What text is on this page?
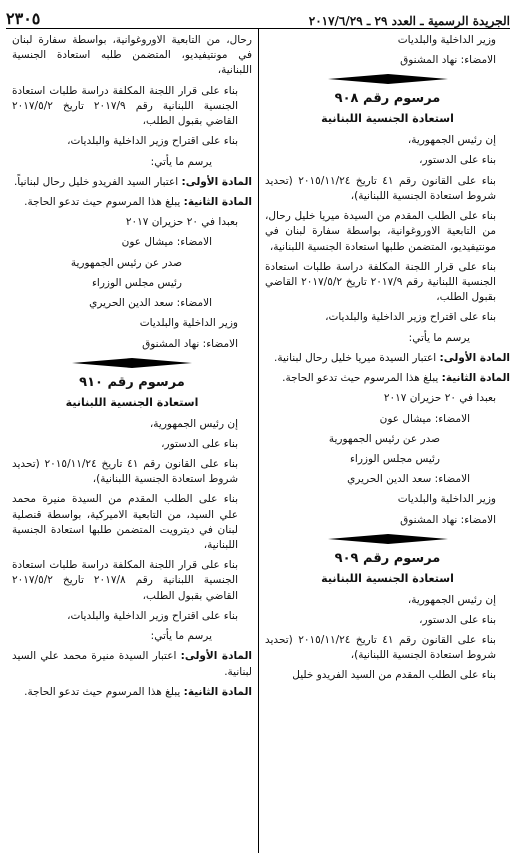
الجريدة الرسمية ـ العدد ٢٩ ـ ٢٠١٧/٦/٢٩
٢٣٠٥

وزير الداخلية والبلديات

الامضاء: نهاد المشنوق

مرسوم رقم ٩٠٨
استعادة الجنسية اللبنانية

إن رئيس الجمهورية،

بناء على الدستور،

بناء على القانون رقم ٤١ تاريخ ٢٠١٥/١١/٢٤ (تحديد شروط استعادة الجنسية اللبنانية)،

بناء على الطلب المقدم من السيدة ميريا خليل رحال، من التابعية الاوروغوانية، بواسطة سفارة لبنان في مونتيفيديو، المتضمن طلبها استعادة الجنسية اللبنانية،

بناء على قرار اللجنة المكلفة دراسة طلبات استعادة الجنسية اللبنانية رقم ٢٠١٧/٩ تاريخ ٢٠١٧/٥/٢ القاضي بقبول الطلب،

بناء على اقتراح وزير الداخلية والبلديات،

يرسم ما يأتي:

المادة الأولى: اعتبار السيدة ميريا خليل رحال لبنانية.

المادة الثانية: يبلغ هذا المرسوم حيث تدعو الحاجة.

بعبدا في ٢٠ حزيران ٢٠١٧

الامضاء: ميشال عون

صدر عن رئيس الجمهورية

رئيس مجلس الوزراء

الامضاء: سعد الدين الحريري

وزير الداخلية والبلديات

الامضاء: نهاد المشنوق

مرسوم رقم ٩٠٩
استعادة الجنسية اللبنانية

إن رئيس الجمهورية،

بناء على الدستور،

بناء على القانون رقم ٤١ تاريخ ٢٠١٥/١١/٢٤ (تحديد شروط استعادة الجنسية اللبنانية)،

بناء على الطلب المقدم من السيد الفريدو خليل

رحال، من التابعية الاوروغوانية، بواسطة سفارة لبنان في مونتيفيديو، المتضمن طلبه استعادة الجنسية اللبنانية،

بناء على قرار اللجنة المكلفة دراسة طلبات استعادة الجنسية اللبنانية رقم ٢٠١٧/٩ تاريخ ٢٠١٧/٥/٢ القاضي بقبول الطلب،

بناء على اقتراح وزير الداخلية والبلديات،

يرسم ما يأتي:

المادة الأولى: اعتبار السيد الفريدو خليل رحال لبنانياً.

المادة الثانية: يبلغ هذا المرسوم حيث تدعو الحاجة.

بعبدا في ٢٠ حزيران ٢٠١٧

الامضاء: ميشال عون

صدر عن رئيس الجمهورية

رئيس مجلس الوزراء

الامضاء: سعد الدين الحريري

وزير الداخلية والبلديات

الامضاء: نهاد المشنوق

مرسوم رقم ٩١٠
استعادة الجنسية اللبنانية

إن رئيس الجمهورية،

بناء على الدستور،

بناء على القانون رقم ٤١ تاريخ ٢٠١٥/١١/٢٤ (تحديد شروط استعادة الجنسية اللبنانية)،

بناء على الطلب المقدم من السيدة منيرة محمد علي السيد، من التابعية الاميركية، بواسطة قنصلية لبنان في ديترويت المتضمن طلبها استعادة الجنسية اللبنانية،

بناء على قرار اللجنة المكلفة دراسة طلبات استعادة الجنسية اللبنانية رقم ٢٠١٧/٨ تاريخ ٢٠١٧/٥/٢ القاضي بقبول الطلب،

بناء على اقتراح وزير الداخلية والبلديات،

يرسم ما يأتي:

المادة الأولى: اعتبار السيدة منيرة محمد علي السيد لبنانية.

المادة الثانية: يبلغ هذا المرسوم حيث تدعو الحاجة.
